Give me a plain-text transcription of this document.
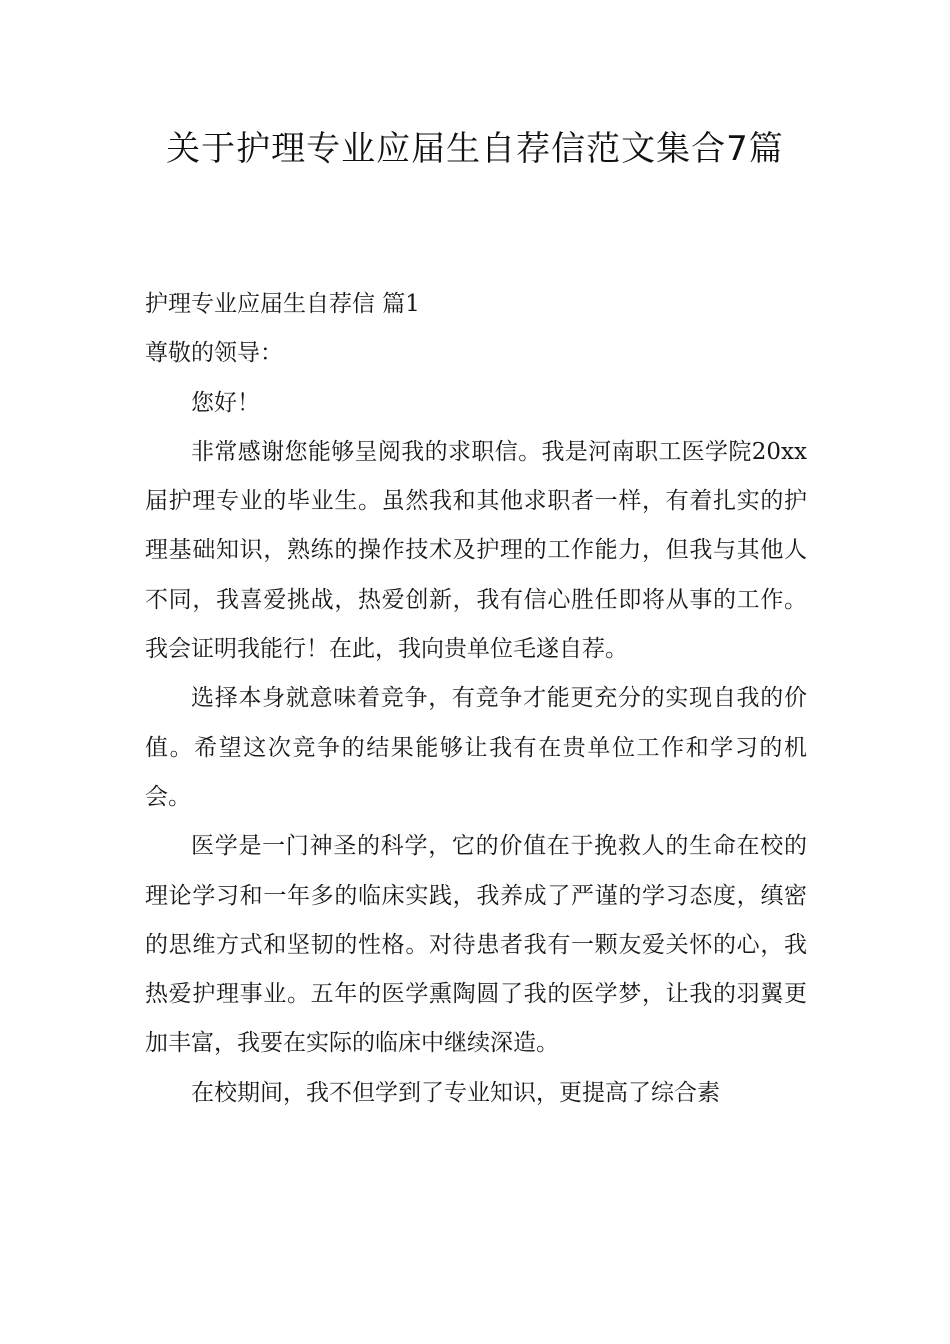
关于护理专业应届生自荐信范文集合7篇

护理专业应届生自荐信 篇1

尊敬的领导：

您好！

非常感谢您能够呈阅我的求职信。我是河南职工医学院20xx届护理专业的毕业生。虽然我和其他求职者一样，有着扎实的护理基础知识，熟练的操作技术及护理的工作能力，但我与其他人不同，我喜爱挑战，热爱创新，我有信心胜任即将从事的工作。我会证明我能行！在此，我向贵单位毛遂自荐。

选择本身就意味着竞争，有竞争才能更充分的实现自我的价值。希望这次竞争的结果能够让我有在贵单位工作和学习的机会。

医学是一门神圣的科学，它的价值在于挽救人的生命在校的理论学习和一年多的临床实践，我养成了严谨的学习态度，缜密的思维方式和坚韧的性格。对待患者我有一颗友爱关怀的心，我热爱护理事业。五年的医学熏陶圆了我的医学梦，让我的羽翼更加丰富，我要在实际的临床中继续深造。

在校期间，我不但学到了专业知识，更提高了综合素
